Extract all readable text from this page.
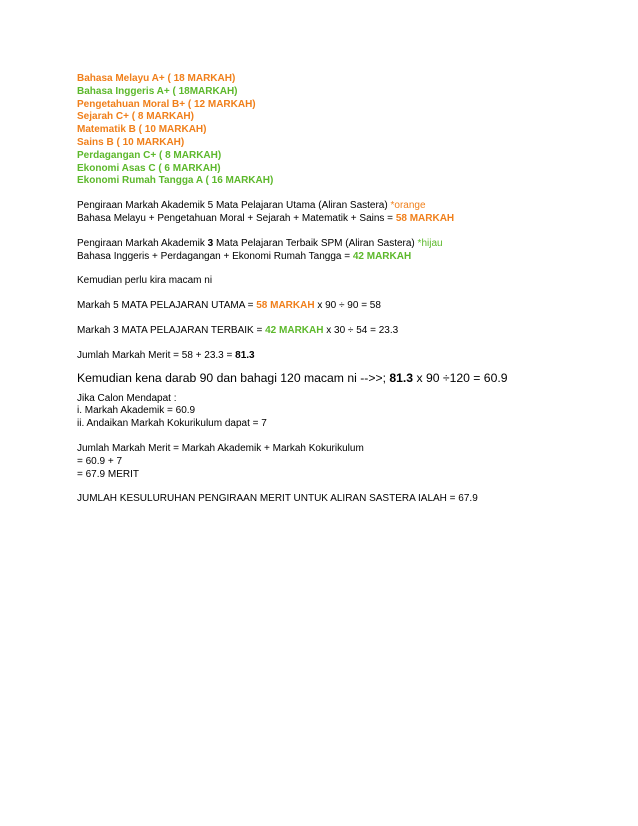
Bahasa Melayu A+ ( 18 MARKAH)
Bahasa Inggeris A+ ( 18MARKAH)
Pengetahuan Moral B+ ( 12 MARKAH)
Sejarah C+ ( 8 MARKAH)
Matematik B ( 10 MARKAH)
Sains B ( 10 MARKAH)
Perdagangan C+ ( 8 MARKAH)
Ekonomi Asas C ( 6 MARKAH)
Ekonomi Rumah Tangga A ( 16 MARKAH)
Pengiraan Markah Akademik 5 Mata Pelajaran Utama (Aliran Sastera) *orange
Bahasa Melayu + Pengetahuan Moral + Sejarah + Matematik + Sains = 58 MARKAH
Pengiraan Markah Akademik 3 Mata Pelajaran Terbaik SPM (Aliran Sastera) *hijau
Bahasa Inggeris + Perdagangan + Ekonomi Rumah Tangga = 42 MARKAH
Kemudian perlu kira macam ni
Markah 5 MATA PELAJARAN UTAMA = 58 MARKAH x 90 ÷ 90 = 58
Markah 3 MATA PELAJARAN TERBAIK = 42 MARKAH x 30 ÷ 54 = 23.3
Jumlah Markah Merit = 58 + 23.3 = 81.3
Kemudian kena darab 90 dan bahagi 120 macam ni -->>; 81.3 x 90 ÷120 = 60.9
Jika Calon Mendapat :
i. Markah Akademik = 60.9
ii. Andaikan Markah Kokurikulum dapat = 7
Jumlah Markah Merit = Markah Akademik + Markah Kokurikulum
= 60.9 + 7
= 67.9 MERIT
JUMLAH KESULURUHAN PENGIRAAN MERIT UNTUK ALIRAN SASTERA IALAH = 67.9
